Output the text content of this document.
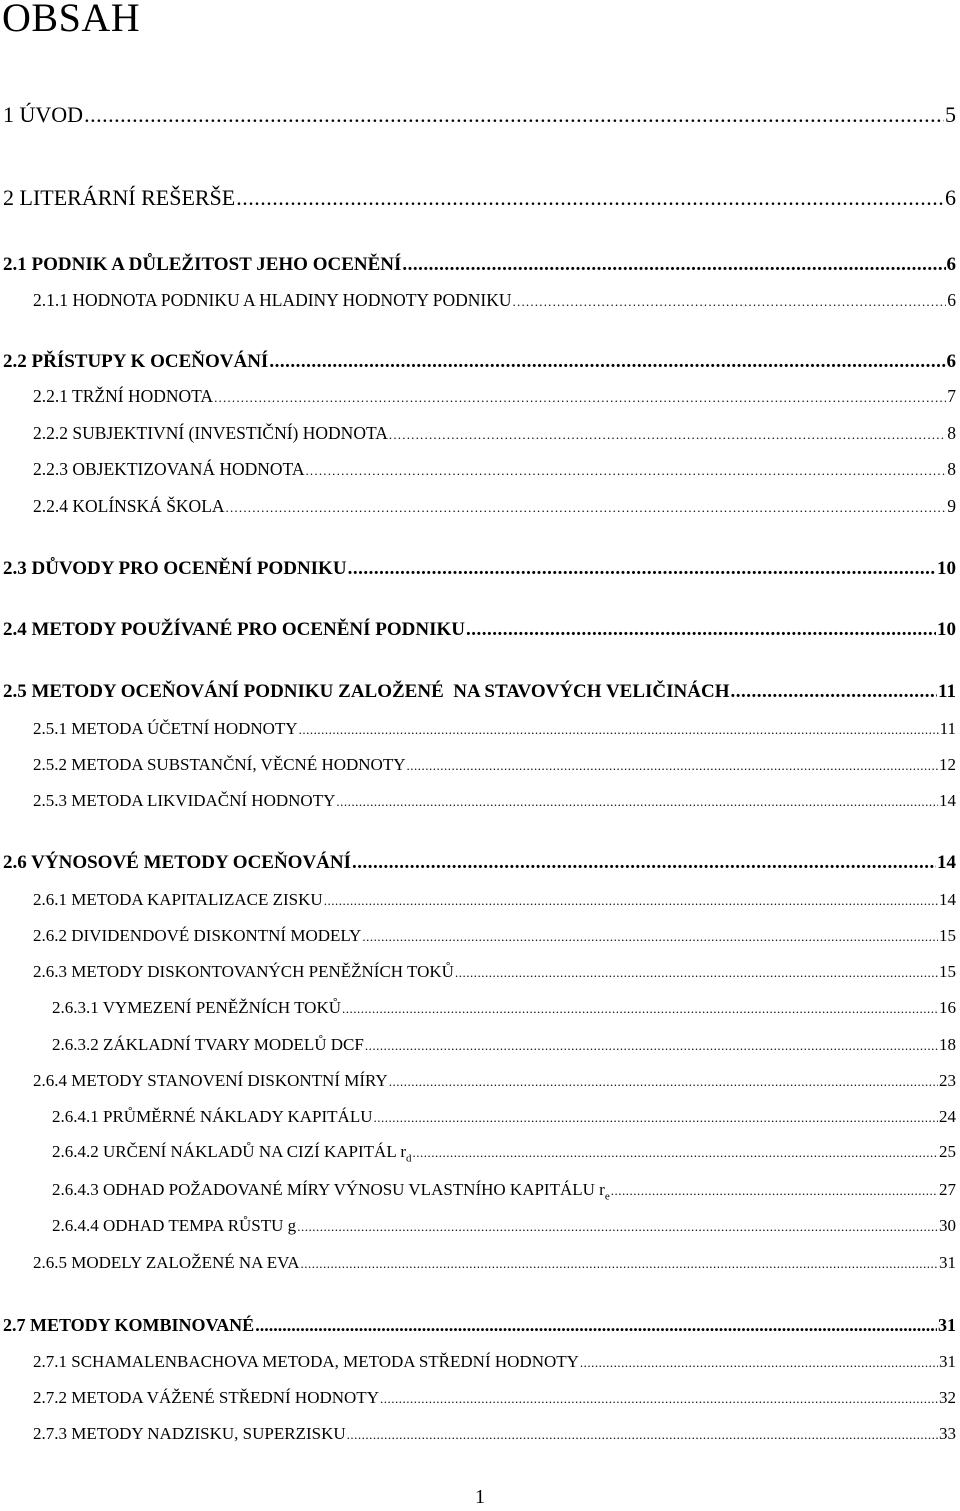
OBSAH
1 ÚVOD .....	5
2 LITERÁRNÍ REŠERŠE .....	6
2.1 PODNIK A DŮLEŽITOST JEHO OCENĚNÍ .....	6
2.1.1 HODNOTA PODNIKU A HLADINY HODNOTY PODNIKU .....	6
2.2 PŘÍSTUPY K OCEŇOVÁNÍ .....	6
2.2.1 TRŽNÍ HODNOTA .....	7
2.2.2 SUBJEKTIVNÍ (INVESTIČNÍ) HODNOTA .....	8
2.2.3 OBJEKTIZOVANÁ HODNOTA .....	8
2.2.4 KOLÍNSKÁ ŠKOLA .....	9
2.3 DŮVODY PRO OCENĚNÍ PODNIKU .....	10
2.4 METODY POUŽÍVANÉ PRO OCENĚNÍ PODNIKU .....	10
2.5 METODY OCEŇOVÁNÍ PODNIKU ZALOŽENÉ  NA STAVOVÝCH VELIČINÁCH .....	11
2.5.1 METODA ÚČETNÍ HODNOTY .....	11
2.5.2 METODA SUBSTANČNÍ, VĚCNÉ HODNOTY .....	12
2.5.3 METODA LIKVIDAČNÍ HODNOTY .....	14
2.6 VÝNOSOVÉ METODY OCEŇOVÁNÍ .....	14
2.6.1 METODA KAPITALIZACE ZISKU .....	14
2.6.2 DIVIDENDOVÉ DISKONTNÍ MODELY .....	15
2.6.3 METODY DISKONTOVANÝCH PENĚŽNÍCH TOKŮ .....	15
2.6.3.1 VYMEZENÍ PENĚŽNÍCH TOKŮ .....	16
2.6.3.2 ZÁKLADNÍ TVARY MODELŮ DCF .....	18
2.6.4 METODY STANOVENÍ DISKONTNÍ MÍRY .....	23
2.6.4.1 PRŮMĚRNÉ NÁKLADY KAPITÁLU .....	24
2.6.4.2 URČENÍ NÁKLADŮ NA CIZÍ KAPITÁL $r_d$ .....	25
2.6.4.3 ODHAD POŽADOVANÉ MÍRY VÝNOSU VLASTNÍHO KAPITÁLU $r_e$ .....	27
2.6.4.4 ODHAD TEMPA RŮSTU g .....	30
2.6.5 MODELY ZALOŽENÉ NA EVA .....	31
2.7 METODY KOMBINOVANÉ .....	31
2.7.1 SCHAMALENBACHOVA METODA, METODA STŘEDNÍ HODNOTY .....	31
2.7.2 METODA VÁŽENÉ STŘEDNÍ HODNOTY .....	32
2.7.3 METODY NADZISKU, SUPERZISKU .....	33
1
